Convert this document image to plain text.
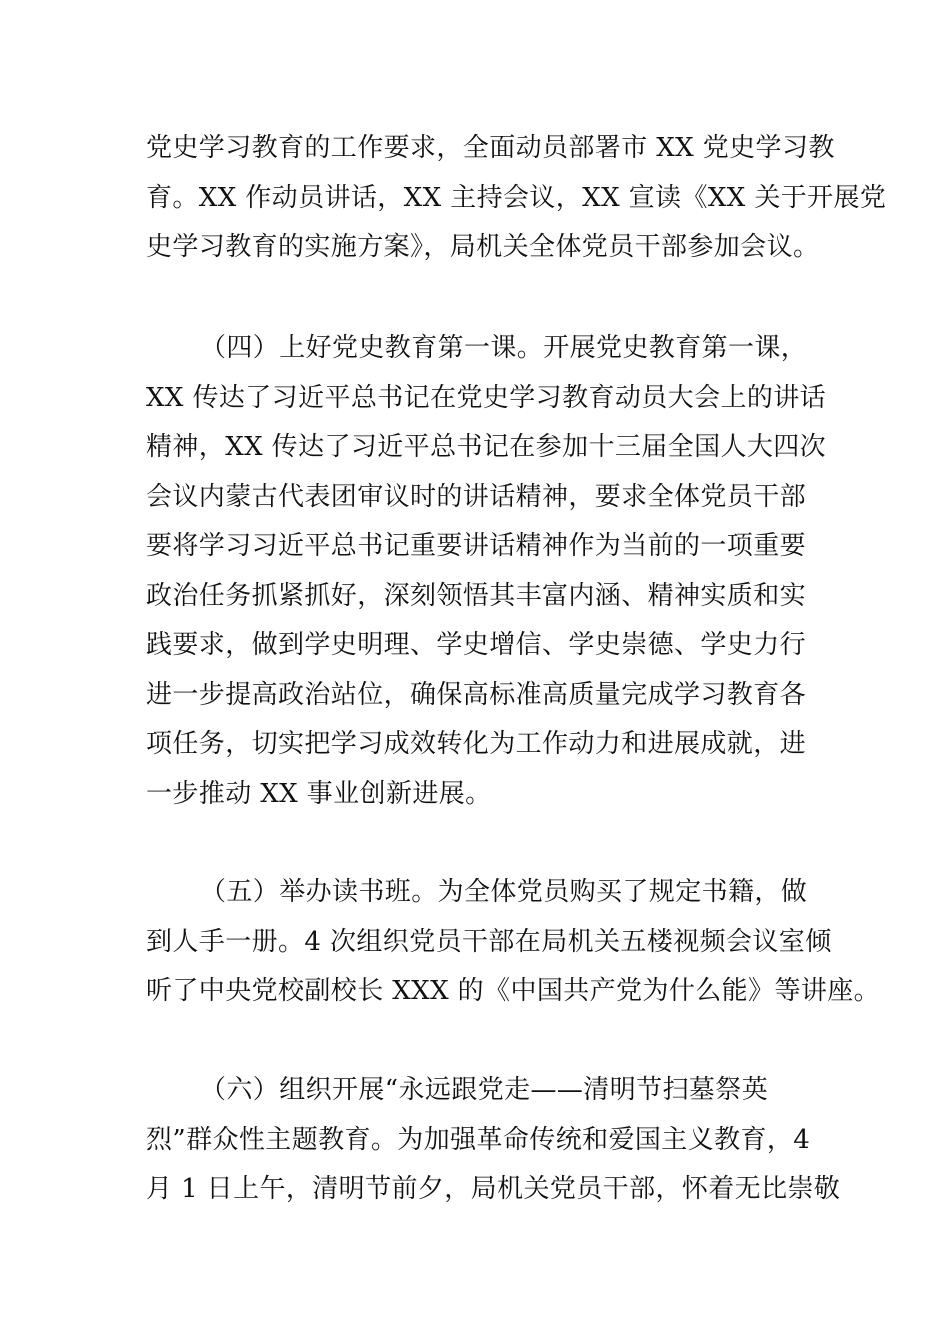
党史学习教育的工作要求，全面动员部署市 XX 党史学习教
育。XX 作动员讲话，XX 主持会议，XX 宣读《XX 关于开展党
史学习教育的实施方案》，局机关全体党员干部参加会议。
（四）上好党史教育第一课。开展党史教育第一课，
XX 传达了习近平总书记在党史学习教育动员大会上的讲话
精神，XX 传达了习近平总书记在参加十三届全国人大四次
会议内蒙古代表团审议时的讲话精神，要求全体党员干部
要将学习习近平总书记重要讲话精神作为当前的一项重要
政治任务抓紧抓好，深刻领悟其丰富内涵、精神实质和实
践要求，做到学史明理、学史增信、学史崇德、学史力行
进一步提高政治站位，确保高标准高质量完成学习教育各
项任务，切实把学习成效转化为工作动力和进展成就，进
一步推动 XX 事业创新进展。
（五）举办读书班。为全体党员购买了规定书籍，做
到人手一册。4 次组织党员干部在局机关五楼视频会议室倾
听了中央党校副校长 XXX 的《中国共产党为什么能》等讲座。
（六）组织开展“永远跟党走——清明节扫墓祭英
烈”群众性主题教育。为加强革命传统和爱国主义教育，4
月 1 日上午，清明节前夕，局机关党员干部，怀着无比崇敬
